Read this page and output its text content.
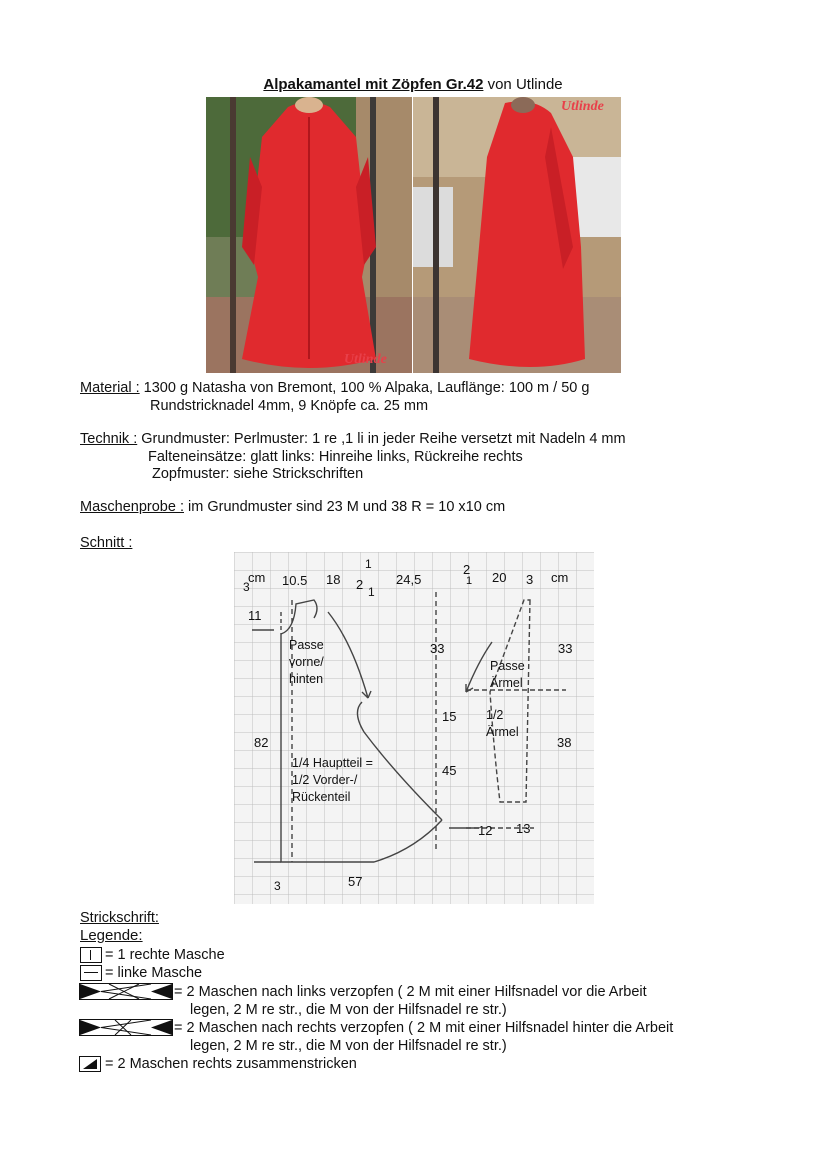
Alpakamantel mit Zöpfen Gr.42 von Utlinde
Utlinde
Utlinde
Material : 1300 g Natasha von Bremont, 100 % Alpaka, Lauflänge: 100 m / 50 g
Rundstricknadel 4mm, 9 Knöpfe ca. 25 mm
Technik : Grundmuster: Perlmuster: 1 re ,1 li in jeder Reihe versetzt mit Nadeln 4 mm
Falteneinsätze: glatt links: Hinreihe links, Rückreihe rechts
Zopfmuster: siehe Strickschriften
Maschenprobe : im Grundmuster sind 23 M und 38 R = 10 x10 cm
Schnitt :
cm
3 10.5 18
1
2 1
24,5
2
1 20 3 cm
11
Passe
vorne/
hinten
33
Passe
Ärmel
33
15 1/2
Ärmel
82	38
1/4 Hauptteil =
1/2 Vorder-/
Rückenteil
45
12 13
3	57
Strickschrift:
Legende:
= 1 rechte Masche
= linke Masche
= 2 Maschen nach links verzopfen ( 2 M mit einer Hilfsnadel vor die Arbeit
legen, 2 M re str., die M von der Hilfsnadel re str.)
= 2 Maschen nach rechts verzopfen ( 2 M mit einer Hilfsnadel hinter die Arbeit
legen, 2 M re str., die M von der Hilfsnadel re str.)
= 2 Maschen rechts zusammenstricken
